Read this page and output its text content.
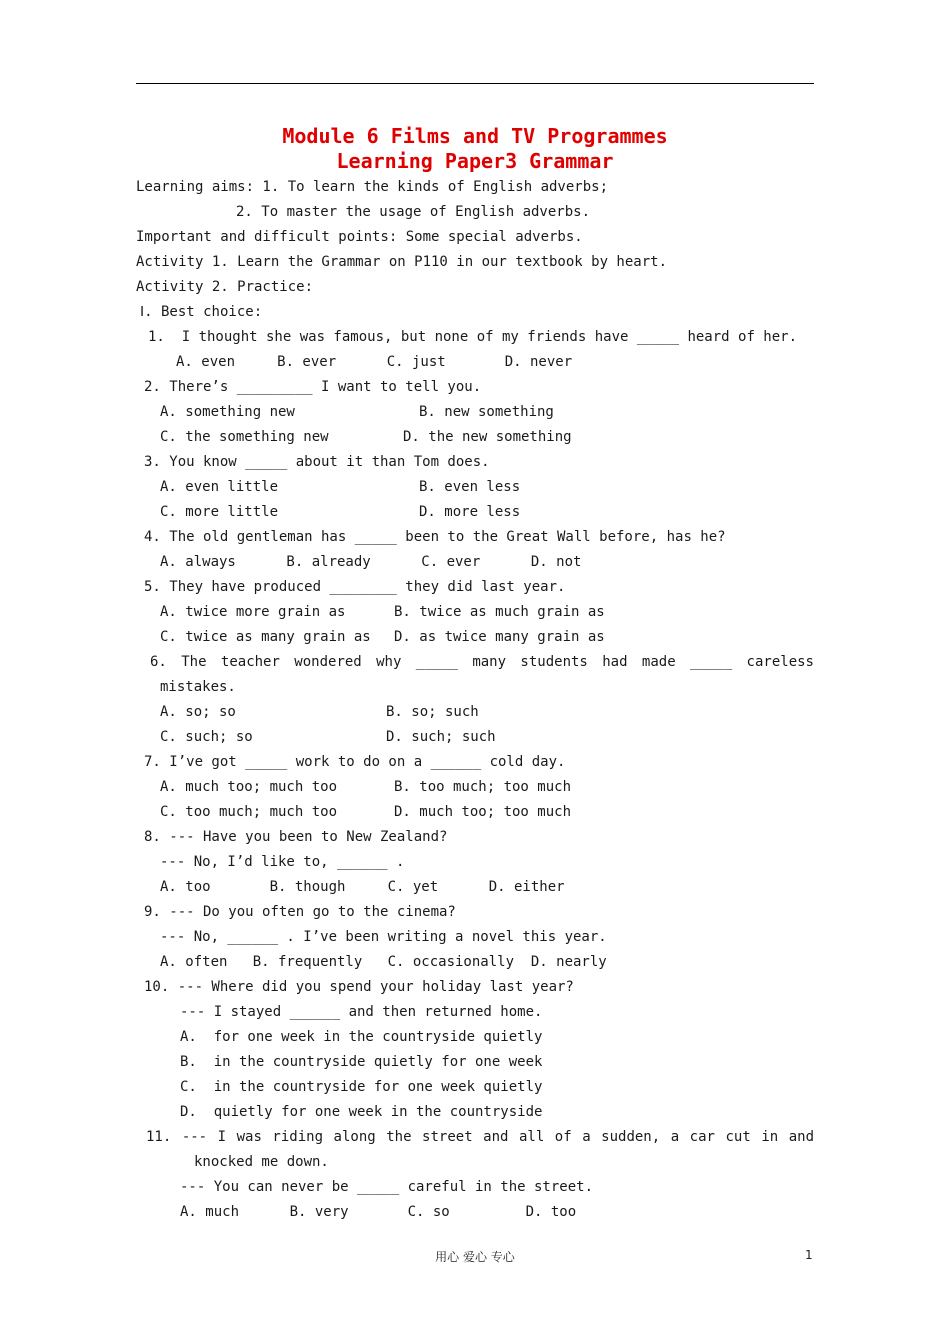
Module 6 Films and TV Programmes
Learning Paper3 Grammar
Learning aims: 1. To learn the kinds of English adverbs;
2. To master the usage of English adverbs.
Important and difficult points: Some special adverbs.
Activity 1. Learn the Grammar on P110 in our textbook by heart.
Activity 2. Practice:
Ⅰ. Best choice:
1.  I thought she was famous, but none of my friends have _____ heard of her.
A. even     B. ever      C. just       D. never
2. There’s _________ I want to tell you.
A. something new	B. new something
C. the something new	D. the new something
3. You know _____ about it than Tom does.
A. even little	B. even less
C. more little	D. more less
4. The old gentleman has _____ been to the Great Wall before, has he?
A. always      B. already      C. ever      D. not
5. They have produced ________ they did last year.
A. twice more grain as	B. twice as much grain as
C. twice as many grain as D. as twice many grain as
6. The teacher wondered why _____ many students had made _____ careless
mistakes.
A. so; so	B. so; such
C. such; so	D. such; such
7. I’ve got _____ work to do on a ______ cold day.
A. much too; much too	B. too much; too much
C. too much; much too	D. much too; too much
8. --- Have you been to New Zealand?
--- No, I’d like to, ______ .
A. too       B. though     C. yet      D. either
9. --- Do you often go to the cinema?
--- No, ______ . I’ve been writing a novel this year.
A. often   B. frequently   C. occasionally  D. nearly
10. --- Where did you spend your holiday last year?
--- I stayed ______ and then returned home.
A.  for one week in the countryside quietly
B.  in the countryside quietly for one week
C.  in the countryside for one week quietly
D.  quietly for one week in the countryside
11. --- I was riding along the street and all of a sudden, a car cut in and
knocked me down.
--- You can never be _____ careful in the street.
A. much      B. very       C. so         D. too
用心 爱心 专心	1
